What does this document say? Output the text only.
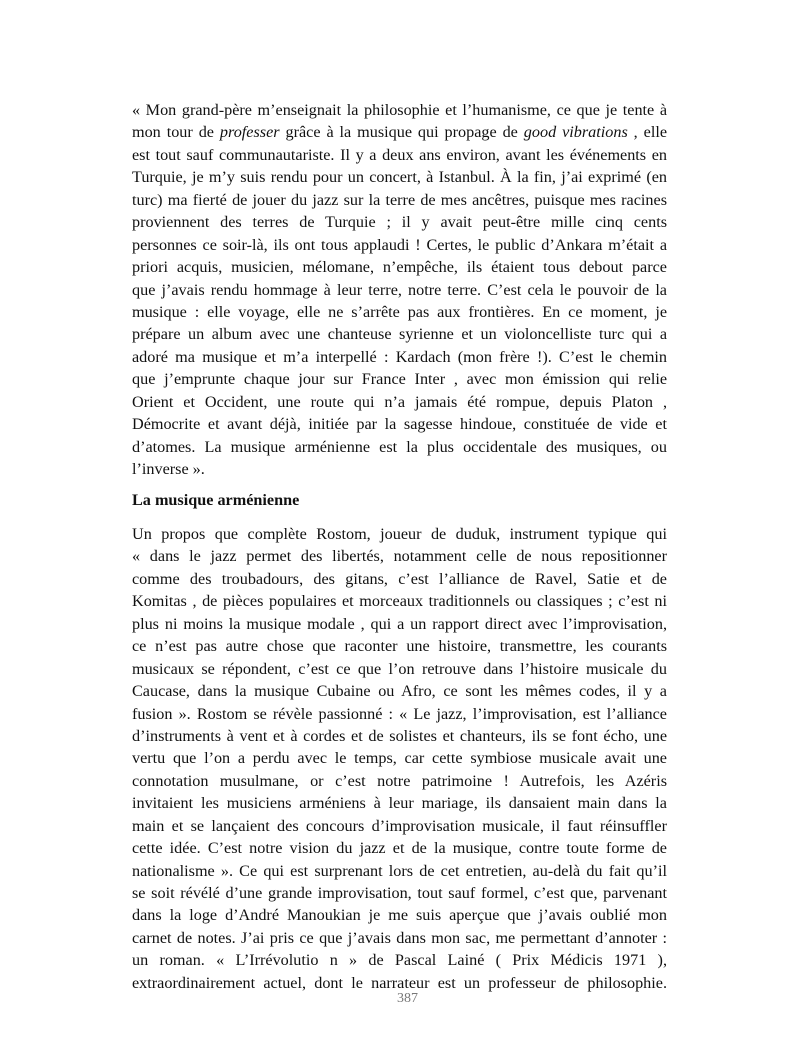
« Mon grand-père m’enseignait la philosophie et l’humanisme, ce que je tente à
mon tour de professer grâce à la musique qui propage de good vibrations , elle
est tout sauf communautariste. Il y a deux ans environ, avant les événements en
Turquie, je m’y suis rendu pour un concert, à Istanbul. À la fin, j’ai exprimé (en
turc) ma fierté de jouer du jazz sur la terre de mes ancêtres, puisque mes racines
proviennent des terres de Turquie ; il y avait peut-être mille cinq cents
personnes ce soir-là, ils ont tous applaudi ! Certes, le public d’Ankara m’était a
priori acquis, musicien, mélomane, n’empêche, ils étaient tous debout parce
que j’avais rendu hommage à leur terre, notre terre. C’est cela le pouvoir de la
musique : elle voyage, elle ne s’arrête pas aux frontières. En ce moment, je
prépare un album avec une chanteuse syrienne et un violoncelliste turc qui a
adoré ma musique et m’a interpellé : Kardach (mon frère !). C’est le chemin
que j’emprunte chaque jour sur France Inter , avec mon émission qui relie
Orient et Occident, une route qui n’a jamais été rompue, depuis Platon ,
Démocrite et avant déjà, initiée par la sagesse hindoue, constituée de vide et
d’atomes. La musique arménienne est la plus occidentale des musiques, ou
l’inverse ».
La musique arménienne
Un propos que complète Rostom, joueur de duduk, instrument typique qui
« dans le jazz permet des libertés, notamment celle de nous repositionner
comme des troubadours, des gitans, c’est l’alliance de Ravel, Satie et de
Komitas , de pièces populaires et morceaux traditionnels ou classiques ; c’est ni
plus ni moins la musique modale , qui a un rapport direct avec l’improvisation,
ce n’est pas autre chose que raconter une histoire, transmettre, les courants
musicaux se répondent, c’est ce que l’on retrouve dans l’histoire musicale du
Caucase, dans la musique Cubaine ou Afro, ce sont les mêmes codes, il y a
fusion ». Rostom se révèle passionné : « Le jazz, l’improvisation, est l’alliance
d’instruments à vent et à cordes et de solistes et chanteurs, ils se font écho, une
vertu que l’on a perdu avec le temps, car cette symbiose musicale avait une
connotation musulmane, or c’est notre patrimoine ! Autrefois, les Azéris
invitaient les musiciens arméniens à leur mariage, ils dansaient main dans la
main et se lançaient des concours d’improvisation musicale, il faut réinsuffler
cette idée. C’est notre vision du jazz et de la musique, contre toute forme de
nationalisme ». Ce qui est surprenant lors de cet entretien, au-delà du fait qu’il
se soit révélé d’une grande improvisation, tout sauf formel, c’est que, parvenant
dans la loge d’André Manoukian je me suis aperçue que j’avais oublié mon
carnet de notes. J’ai pris ce que j’avais dans mon sac, me permettant d’annoter :
un roman. « L’Irrévolutio n » de Pascal Lainé ( Prix Médicis 1971 ),
extraordinairement actuel, dont le narrateur est un professeur de philosophie.
387
